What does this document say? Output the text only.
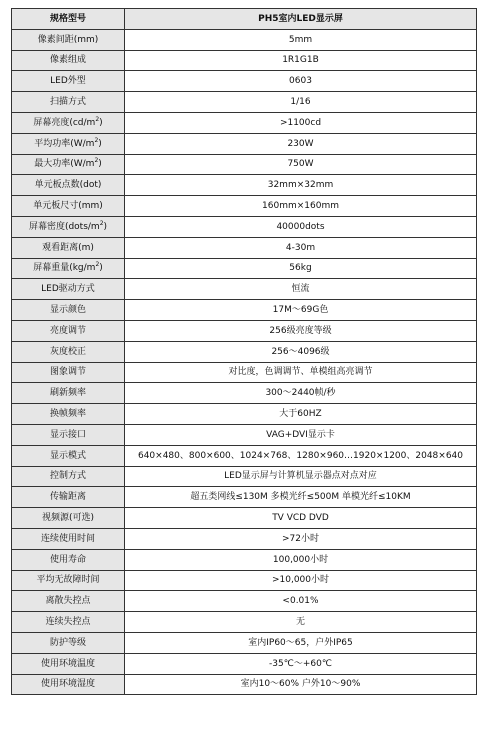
规格型号	PH5室内LED显示屏
像素间距(mm)	5mm
像素组成	1R1G1B
LED外型	0603
扫描方式	1/16
屏幕亮度$(cd/m^2)$	>1100cd
平均功率$(W/m^2)$	230W
最大功率$(W/m^2)$	750W
单元板点数(dot)	32mm×32mm
单元板尺寸(mm)	160mm×160mm
屏幕密度$(dots/m^2)$	40000dots
观看距离(m)	4-30m
屏幕重量$(kg/m^2)$	56kg
LED驱动方式	恒流
显示颜色	17M～69G色
亮度调节	256级亮度等级
灰度校正	256～4096级
图象调节	对比度，色调调节、单模组高亮调节
刷新频率	300～2440帧/秒
换帧频率	大于60HZ
显示接口	VAG+DVI显示卡
显示模式	640×480、800×600、1024×768、1280×960…1920×1200、2048×640
控制方式	LED显示屏与计算机显示器点对点对应
传输距离	超五类网线≤130M 多模光纤≤500M 单模光纤≤10KM
视频源(可选)	TV VCD DVD
连续使用时间	>72小时
使用寿命	100,000小时
平均无故障时间	>10,000小时
离散失控点	<0.01%
连续失控点	无
防护等级	室内IP60～65，户外IP65
使用环境温度	-35℃～+60℃
使用环境湿度	室内10～60% 户外10～90%
